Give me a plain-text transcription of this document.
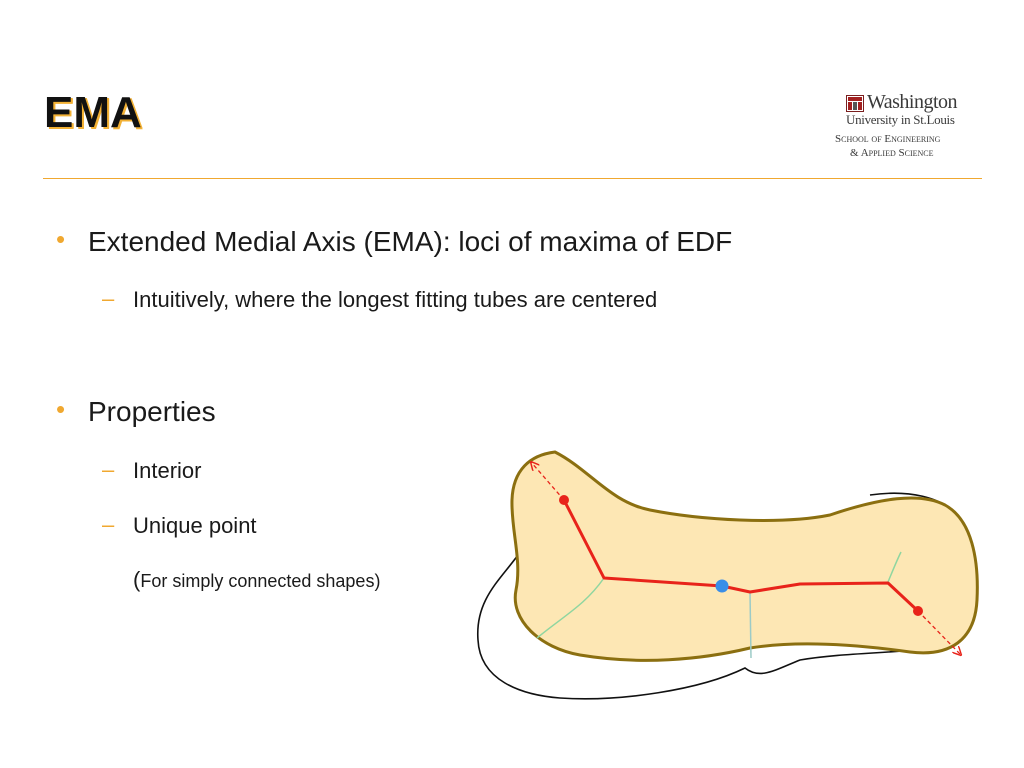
EMA	Washington
University in St.Louis
School of Engineering
& Applied Science
• Extended Medial Axis (EMA): loci of maxima of EDF
– Intuitively, where the longest fitting tubes are centered
• Properties
– Interior
– Unique point
(For simply connected shapes)
